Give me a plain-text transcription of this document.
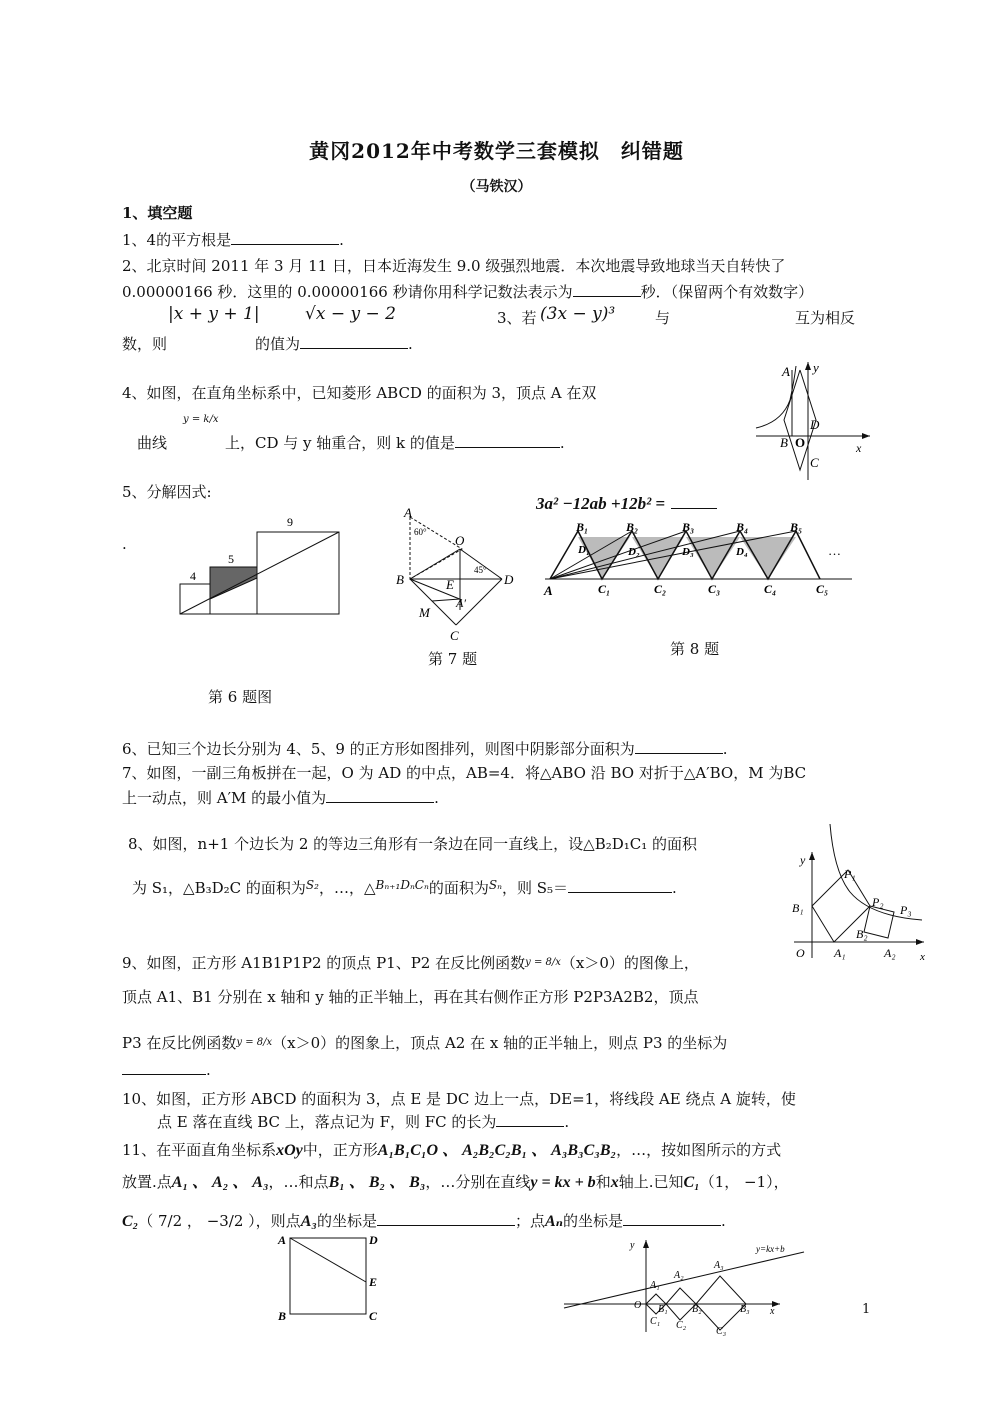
黄冈2012年中考数学三套模拟　纠错题
（马铁汉）
1、填空题
1、4的平方根是	.
2、北京时间 2011 年 3 月 11 日，日本近海发生 9.0 级强烈地震．本次地震导致地球当天自转快了
0.00000166 秒．这里的 0.00000166 秒请你用科学记数法表示为	秒．（保留两个有效数字）
|x + y + 1|	√x − y − 2	3、若 (3x − y)³	与	互为相反
数，则	的值为	.
4、如图，在直角坐标系中，已知菱形 ABCD 的面积为 3，顶点 A 在双
曲线
y = k/x
上，CD 与 y 轴重合，则 k 的值是	.
A y
D
B O
C
x
5、分解因式:
3a² −12ab +12b² =
.
4
5
9
第 6 题图
A
O
B	E	D
M
A′
C
60°
45°
第 7 题
A
B₁	B₂	B₃	B₄	B₅
C₁	C₂	C₃	C₄	C₅
D₁	D₂	D₃	D₄	…
第 8 题
6、已知三个边长分别为 4、5、9 的正方形如图排列，则图中阴影部分面积为	.
7、如图，一副三角板拼在一起，O 为 AD 的中点，AB=4．将△ABO 沿 BO 对折于△A′BO，M 为BC
上一动点，则 A′M 的最小值为	.
8、如图，n+1 个边长为 2 的等边三角形有一条边在同一直线上，设△B₂D₁C₁ 的面积
为 S₁，△B₃D₂C 的面积为$^{S_2}$，…，△$^{B_{n+1}D_nC_n}$的面积为$^{S_n}$，则 S₅＝	.
y
P₁
P₂
P₃
B₁
B₂
O A₁	A₂ x
9、如图，正方形 A1B1P1P2 的顶点 P1、P2 在反比例函数$^{y = 8/x}$（x＞0）的图像上，
顶点 A1、B1 分别在 x 轴和 y 轴的正半轴上，再在其右侧作正方形 P2P3A2B2，顶点
P3 在反比例函数$^{y = 8/x}$（x＞0）的图象上，顶点 A2 在 x 轴的正半轴上，则点 P3 的坐标为
.
10、如图，正方形 ABCD 的面积为 3，点 E 是 DC 边上一点，DE=1，将线段 AE 绕点 A 旋转，使
点 E 落在直线 BC 上，落点记为 F，则 FC 的长为	.
11、在平面直角坐标系xOy中，正方形A₁B₁C₁O 、 A₂B₂C₂B₁ 、 A₃B₃C₃B₂，…，按如图所示的方式
放置.点A₁ 、 A₂ 、 A₃，…和点B₁ 、 B₂ 、 B₃，…分别在直线y = kx + b和x轴上.已知C₁（1， −1），
C₂（ 7/2 ， −3/2 ），则点A₃的坐标是	；点Aₙ的坐标是	.
A	D
E
B	C
y
x
O
y=kx+b
A₁
A₂
A₃
B₁ B₂	B₃
C₁ C₂
C₃
1
